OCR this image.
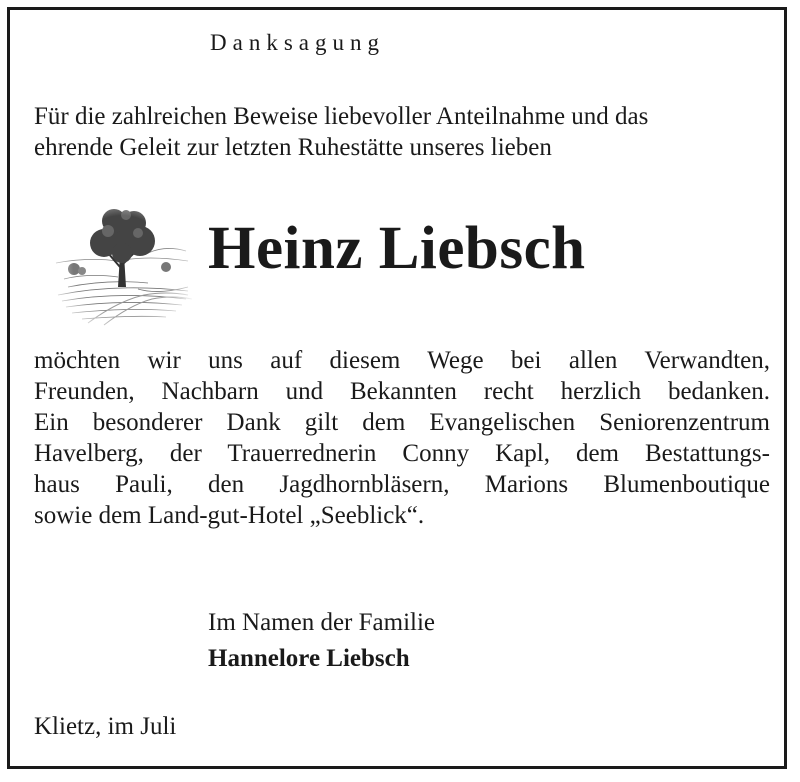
Danksagung
Für die zahlreichen Beweise liebevoller Anteilnahme und das
ehrende Geleit zur letzten Ruhestätte unseres lieben
Heinz Liebsch
möchten wir uns auf diesem Wege bei allen Verwandten,
Freunden, Nachbarn und Bekannten recht herzlich bedanken.
Ein besonderer Dank gilt dem Evangelischen Seniorenzentrum
Havelberg, der Trauerrednerin Conny Kapl, dem Bestattungs-
haus Pauli, den Jagdhornbläsern, Marions Blumenboutique
sowie dem Land-gut-Hotel „Seeblick“.
Im Namen der Familie
Hannelore Liebsch
Klietz, im Juli
